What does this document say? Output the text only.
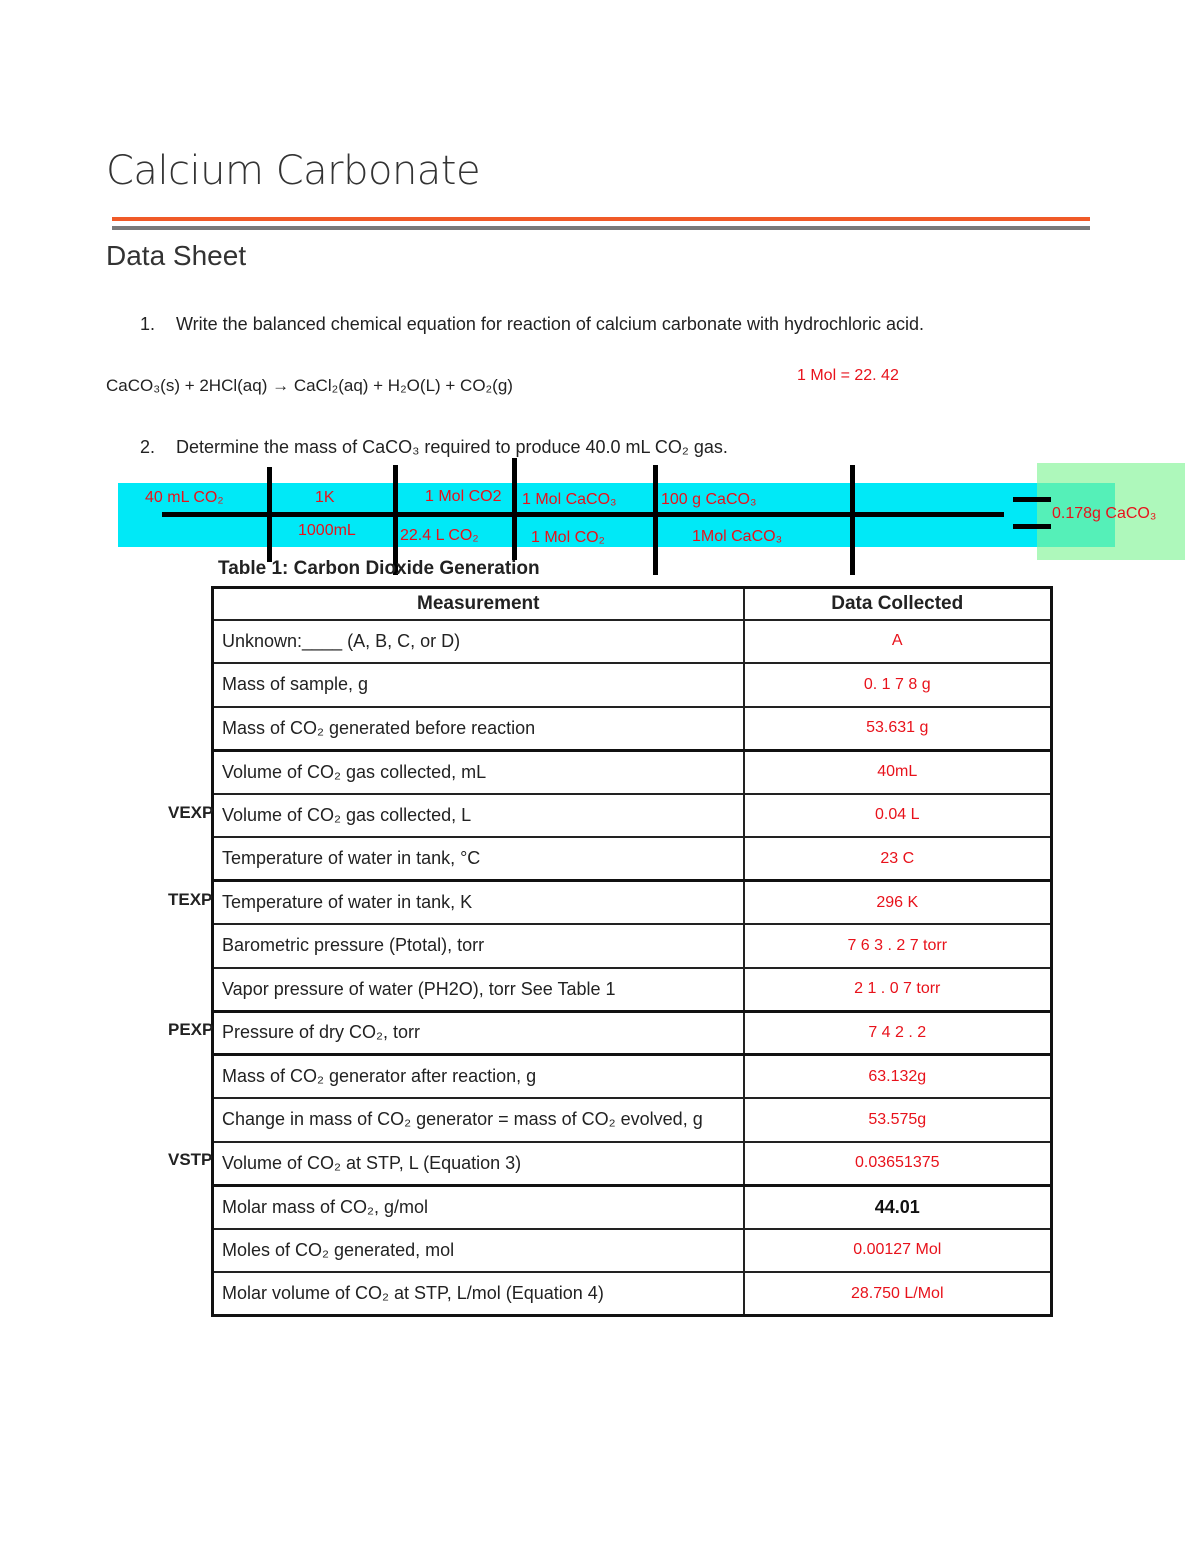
Calcium Carbonate
Data Sheet
1. Write the balanced chemical equation for reaction of calcium carbonate with hydrochloric acid.
CaCO₃(s) + 2HCl(aq) → CaCl₂(aq) + H₂O(L) + CO₂(g)
1 Mol = 22. 42
2. Determine the mass of CaCO₃ required to produce 40.0 mL CO₂ gas.
40 mL CO₂	1K	1 Mol CO2 1 Mol CaCO₃	100 g CaCO₃
1000mL	22.4 L CO₂	1 Mol CO₂	1Mol CaCO₃
0.178g CaCO₃
Table 1: Carbon Dioxide Generation
Measurement	Data Collected
Unknown:____ (A, B, C, or D)	A
Mass of sample, g	0. 1 7 8 g
Mass of CO₂ generated before reaction	53.631 g
Volume of CO₂ gas collected, mL	40mL
Volume of CO₂ gas collected, L	0.04 L
Temperature of water in tank, °C	23 C
Temperature of water in tank, K	296 K
Barometric pressure (Ptotal), torr	7 6 3 . 2 7 torr
Vapor pressure of water (PH2O), torr See Table 1	2 1 . 0 7 torr
Pressure of dry CO₂, torr	7 4 2 . 2
Mass of CO₂ generator after reaction, g	63.132g
Change in mass of CO₂ generator = mass of CO₂ evolved, g	53.575g
Volume of CO₂ at STP, L (Equation 3)	0.03651375
Molar mass of CO₂, g/mol	44.01
Moles of CO₂ generated, mol	0.00127 Mol
Molar volume of CO₂ at STP, L/mol (Equation 4)	28.750 L/Mol
VEXP
TEXP
PEXP
VSTP
